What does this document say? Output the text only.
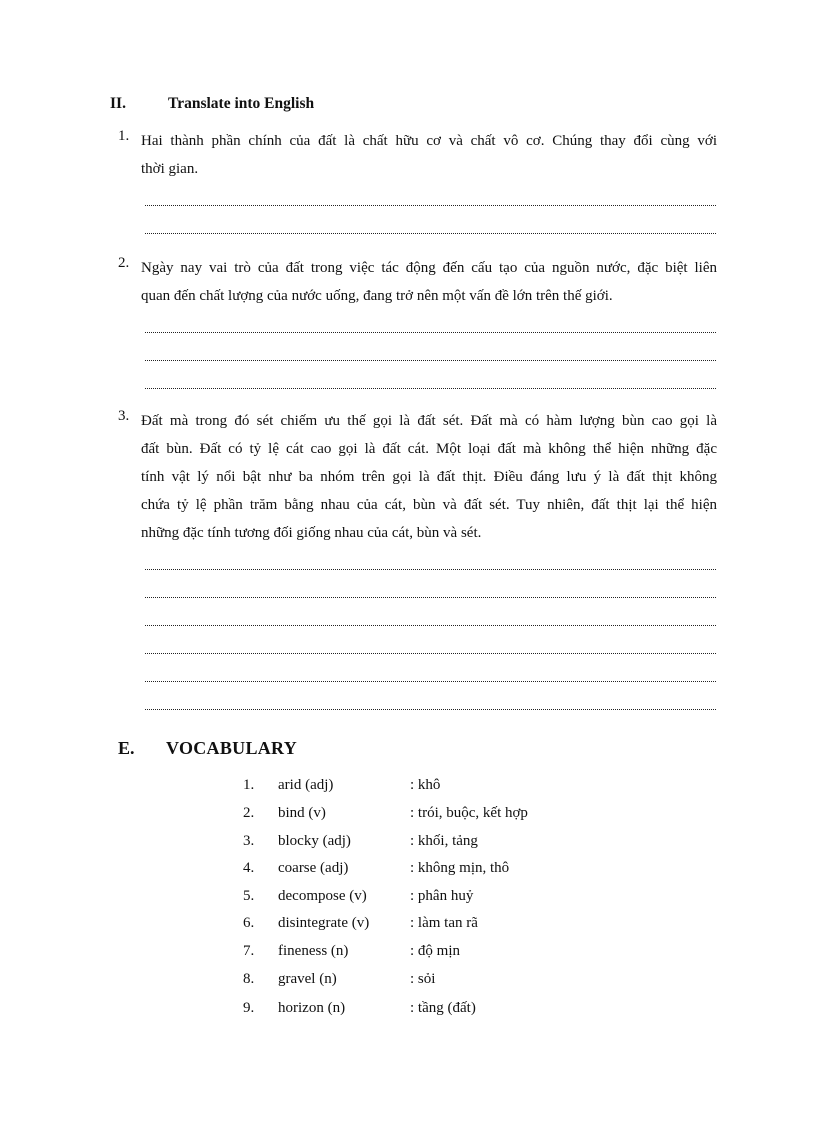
II.	Translate into English
1. Hai thành phần chính của đất là chất hữu cơ và chất vô cơ. Chúng thay đổi cùng với
thời gian.
2. Ngày nay vai trò của đất trong việc tác động đến cấu tạo của nguồn nước, đặc biệt liên
quan đến chất lượng của nước uống, đang trở nên một vấn đề lớn trên thế giới.
3. Đất mà trong đó sét chiếm ưu thế gọi là đất sét. Đất mà có hàm lượng bùn cao gọi là
đất bùn. Đất có tỷ lệ cát cao gọi là đất cát. Một loại đất mà không thể hiện những đặc
tính vật lý nổi bật như ba nhóm trên gọi là đất thịt. Điều đáng lưu ý là đất thịt không
chứa tỷ lệ phần trăm bằng nhau của cát, bùn và đất sét. Tuy nhiên, đất thịt lại thể hiện
những đặc tính tương đối giống nhau của cát, bùn và sét.
E. VOCABULARY
1.	arid (adj)	: khô
2.	bind (v)	: trói, buộc, kết hợp
3.	blocky (adj)	: khối, tảng
4.	coarse (adj)	: không mịn, thô
5.	decompose (v)	: phân huỷ
6.	disintegrate (v)	: làm tan rã
7.	fineness (n)	: độ mịn
8.	gravel (n)	: sỏi
9.	horizon (n)	: tầng (đất)
